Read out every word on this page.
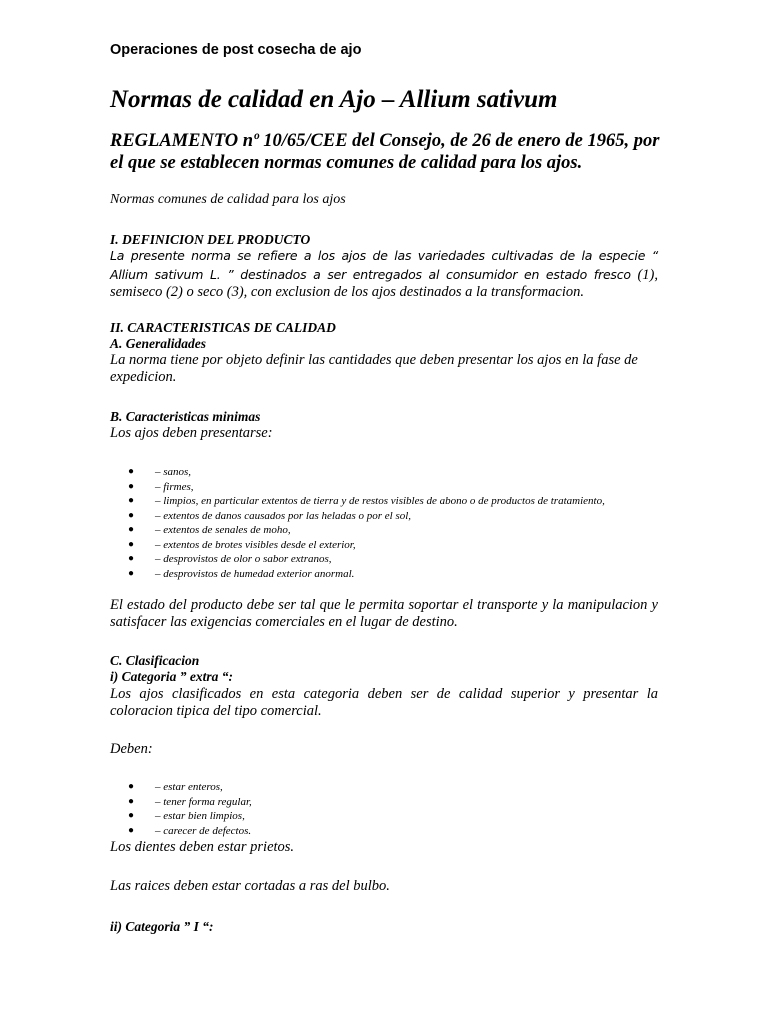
Operaciones de post cosecha de ajo
Normas de calidad en Ajo – Allium sativum
REGLAMENTO nº 10/65/CEE del Consejo, de 26 de enero de 1965, por el que se establecen normas comunes de calidad para los ajos.

Normas comunes de calidad para los ajos

I. DEFINICION DEL PRODUCTO

La presente norma se refiere a los ajos de las variedades cultivadas de la especie “ Allium sativum L. ” destinados a ser entregados al consumidor en estado fresco (1), semiseco (2) o seco (3), con exclusion de los ajos destinados a la transformacion.

II. CARACTERISTICAS DE CALIDAD
A. Generalidades

La norma tiene por objeto definir las cantidades que deben presentar los ajos en la fase de expedicion.

B. Caracteristicas minimas

Los ajos deben presentarse:

● – sanos,
● – firmes,
● – limpios, en particular extentos de tierra y de restos visibles de abono o de productos de tratamiento,
● – extentos de danos causados por las heladas o por el sol,
● – extentos de senales de moho,
● – extentos de brotes visibles desde el exterior,
● – desprovistos de olor o sabor extranos,
● – desprovistos de humedad exterior anormal.

El estado del producto debe ser tal que le permita soportar el transporte y la manipulacion y satisfacer las exigencias comerciales en el lugar de destino.

C. Clasificacion
i) Categoria ” extra “:

Los ajos clasificados en esta categoria deben ser de calidad superior y presentar la coloracion tipica del tipo comercial.

Deben:

● – estar enteros,
● – tener forma regular,
● – estar bien limpios,
● – carecer de defectos.

Los dientes deben estar prietos.

Las raices deben estar cortadas a ras del bulbo.

ii) Categoria ” I “:
